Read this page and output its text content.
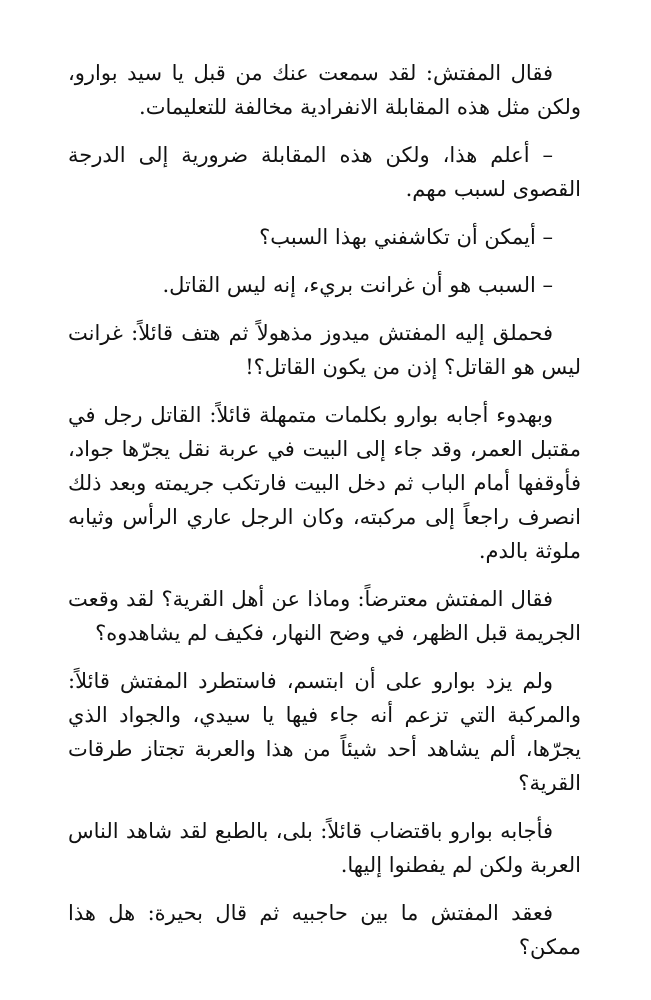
فقال المفتش: لقد سمعت عنك من قبل يا سيد بوارو، ولكن مثل هذه المقابلة الانفرادية مخالفة للتعليمات.

– أعلم هذا، ولكن هذه المقابلة ضرورية إلى الدرجة القصوى لسبب مهم.

– أيمكن أن تكاشفني بهذا السبب؟

– السبب هو أن غرانت بريء، إنه ليس القاتل.

فحملق إليه المفتش ميدوز مذهولاً ثم هتف قائلاً: غرانت ليس هو القاتل؟ إذن من يكون القاتل؟!

وبهدوء أجابه بوارو بكلمات متمهلة قائلاً: القاتل رجل في مقتبل العمر، وقد جاء إلى البيت في عربة نقل يجرّها جواد، فأوقفها أمام الباب ثم دخل البيت فارتكب جريمته وبعد ذلك انصرف راجعاً إلى مركبته، وكان الرجل عاري الرأس وثيابه ملوثة بالدم.

فقال المفتش معترضاً: وماذا عن أهل القرية؟ لقد وقعت الجريمة قبل الظهر، في وضح النهار، فكيف لم يشاهدوه؟

ولم يزد بوارو على أن ابتسم، فاستطرد المفتش قائلاً: والمركبة التي تزعم أنه جاء فيها يا سيدي، والجواد الذي يجرّها، ألم يشاهد أحد شيئاً من هذا والعربة تجتاز طرقات القرية؟

فأجابه بوارو باقتضاب قائلاً: بلى، بالطبع لقد شاهد الناس العربة ولكن لم يفطنوا إليها.

فعقد المفتش ما بين حاجبيه ثم قال بحيرة: هل هذا ممكن؟
